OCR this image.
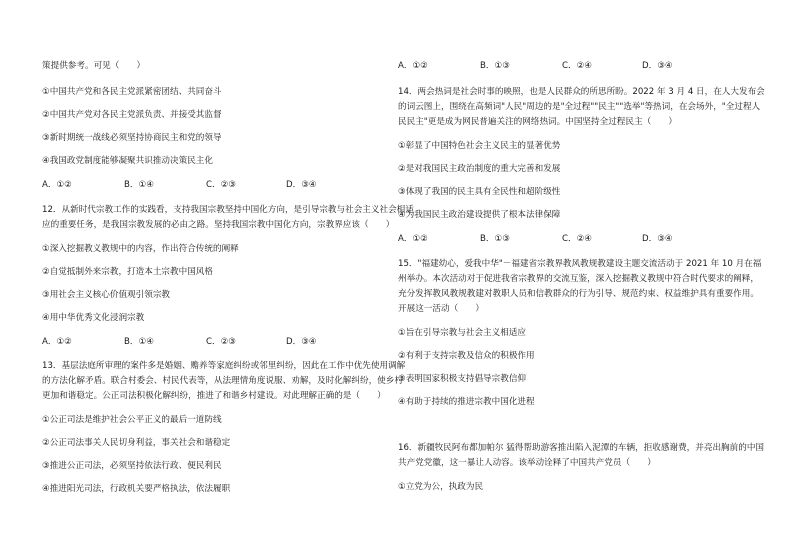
策提供参考。可见（　　）
①中国共产党和各民主党派紧密团结、共同奋斗
②中国共产党对各民主党派负责、并接受其监督
③新时期统一战线必须坚持协商民主和党的领导
④我国政党制度能够凝聚共识推动决策民主化
A．①②	B．①④	C．②③	D．③④
12．从新时代宗教工作的实践看，支持我国宗教坚持中国化方向，是引导宗教与社会主义社会相适
应的重要任务，是我国宗教发展的必由之路。坚持我国宗教中国化方向，宗教界应该（　　）
①深入挖掘教义教规中的内容，作出符合传统的阐释
②自觉抵制外来宗教，打造本土宗教中国风格
③用社会主义核心价值观引领宗教
④用中华优秀文化浸润宗教
A．①②	B．①④	C．②③	D．③④
13．基层法庭所审理的案件多是婚姻、赡养等家庭纠纷或邻里纠纷，因此在工作中优先使用调解
的方法化解矛盾。联合村委会、村民代表等，从法理情角度说服、劝解，及时化解纠纷，使乡村
更加和谐稳定。公正司法积极化解纠纷，推进了和谐乡村建设。对此理解正确的是（　　）
①公正司法是维护社会公平正义的最后一道防线
②公正司法事关人民切身利益，事关社会和谐稳定
③推进公正司法，必须坚持依法行政、便民利民
④推进阳光司法，行政机关要严格执法，依法履职
A．①②	B．①③	C．②④	D．③④
14．两会热词是社会时事的映照，也是人民群众的所思所盼。2022 年 3 月 4 日，在人大发布会
的词云图上，围绕在高频词"人民"周边的是"全过程""民主""选举"等热词，在会场外，"全过程人
民民主"更是成为网民普遍关注的网络热词。中国坚持全过程民主（　　）
①彰显了中国特色社会主义民主的显著优势
②是对我国民主政治制度的重大完善和发展
③体现了我国的民主具有全民性和超阶级性
④为我国民主政治建设提供了根本法律保障
A．①②	B．①③	C．②④	D．③④
15．"福建幼心，爱我中华"－福建省宗教界教风教规教建设主题交流活动于 2021 年 10 月在福
州举办。本次活动对于促进我省宗教界的交流互鉴，深入挖掘教义教规中符合时代要求的阐释，
充分发挥教风教规教建对教职人员和信教群众的行为引导、规范约束、权益维护具有重要作用。
开展这一活动（　　）
①旨在引导宗教与社会主义相适应
②有利于支持宗教及信众的积极作用
③表明国家积极支持倡导宗教信仰
④有助于持续的推进宗教中国化进程
16．新疆牧民阿布都加帕尔 猛得帮助游客推出陷入泥潭的车辆，拒收感谢费，并亮出胸前的中国
共产党党徽，这一暴让人动容。该举动诠释了中国共产党员（　　）
①立党为公，执政为民
